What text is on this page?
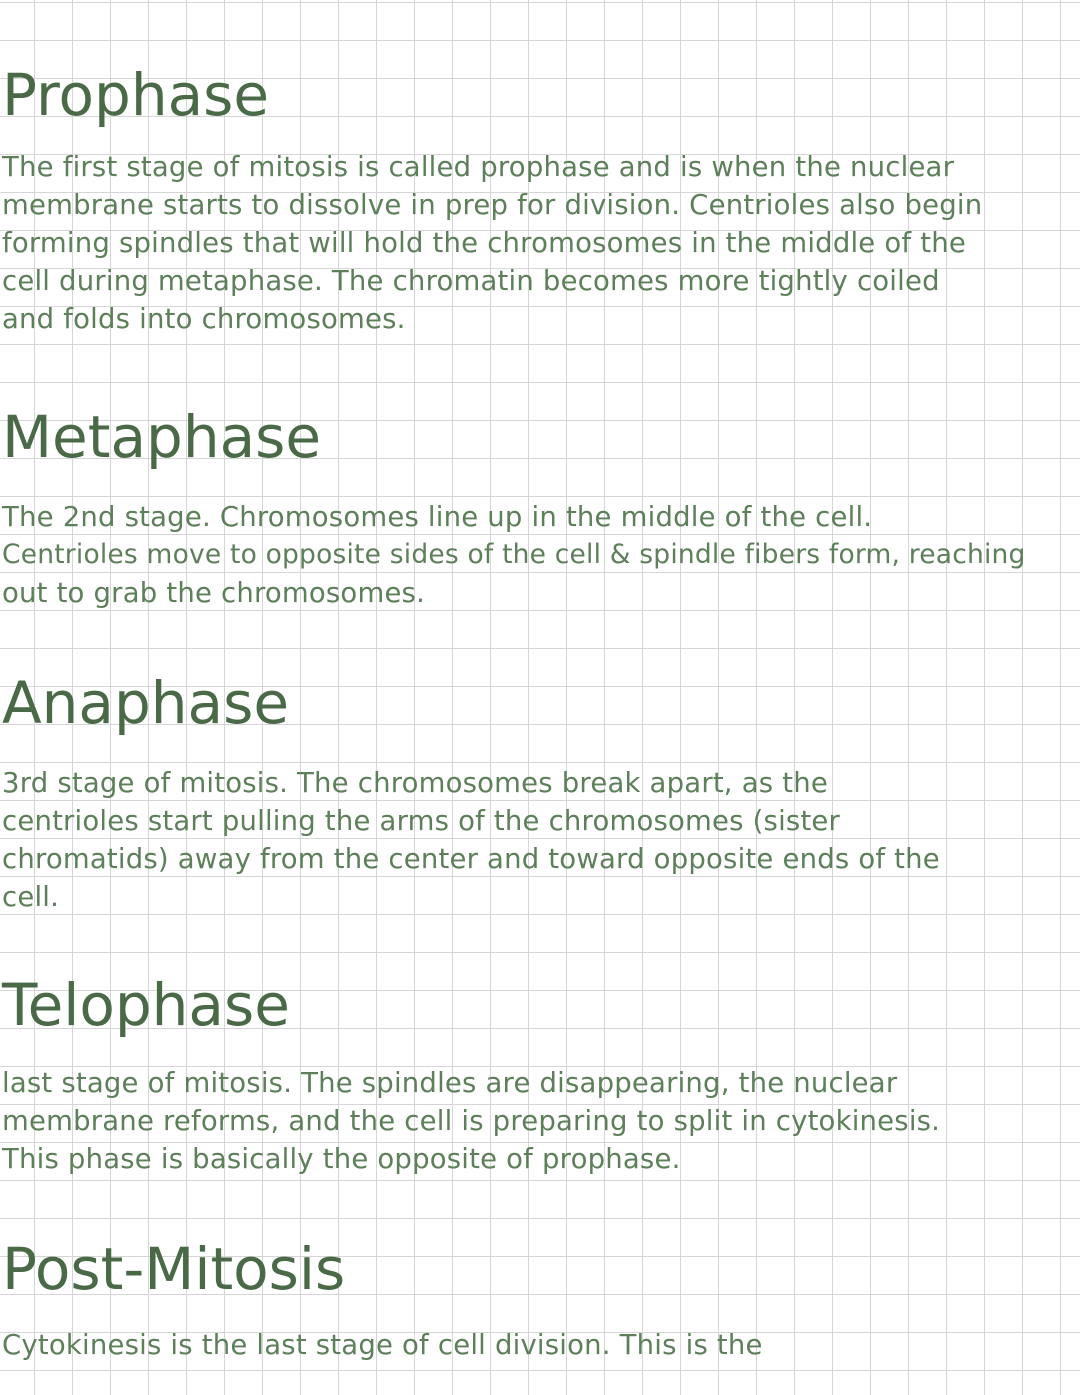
Prophase

The first stage of mitosis is called prophase and is when the nuclear
membrane starts to dissolve in prep for division. Centrioles also begin
forming spindles that will hold the chromosomes in the middle of the
cell during metaphase. The chromatin becomes more tightly coiled
and folds into chromosomes.

Metaphase

The 2nd stage. Chromosomes line up in the middle of the cell.
Centrioles move to opposite sides of the cell & spindle fibers form, reaching
out to grab the chromosomes.

Anaphase

3rd stage of mitosis. The chromosomes break apart, as the
centrioles start pulling the arms of the chromosomes (sister
chromatids) away from the center and toward opposite ends of the
cell.

Telophase

last stage of mitosis. The spindles are disappearing, the nuclear
membrane reforms, and the cell is preparing to split in cytokinesis.
This phase is basically the opposite of prophase.

Post-Mitosis

Cytokinesis is the last stage of cell division. This is the
